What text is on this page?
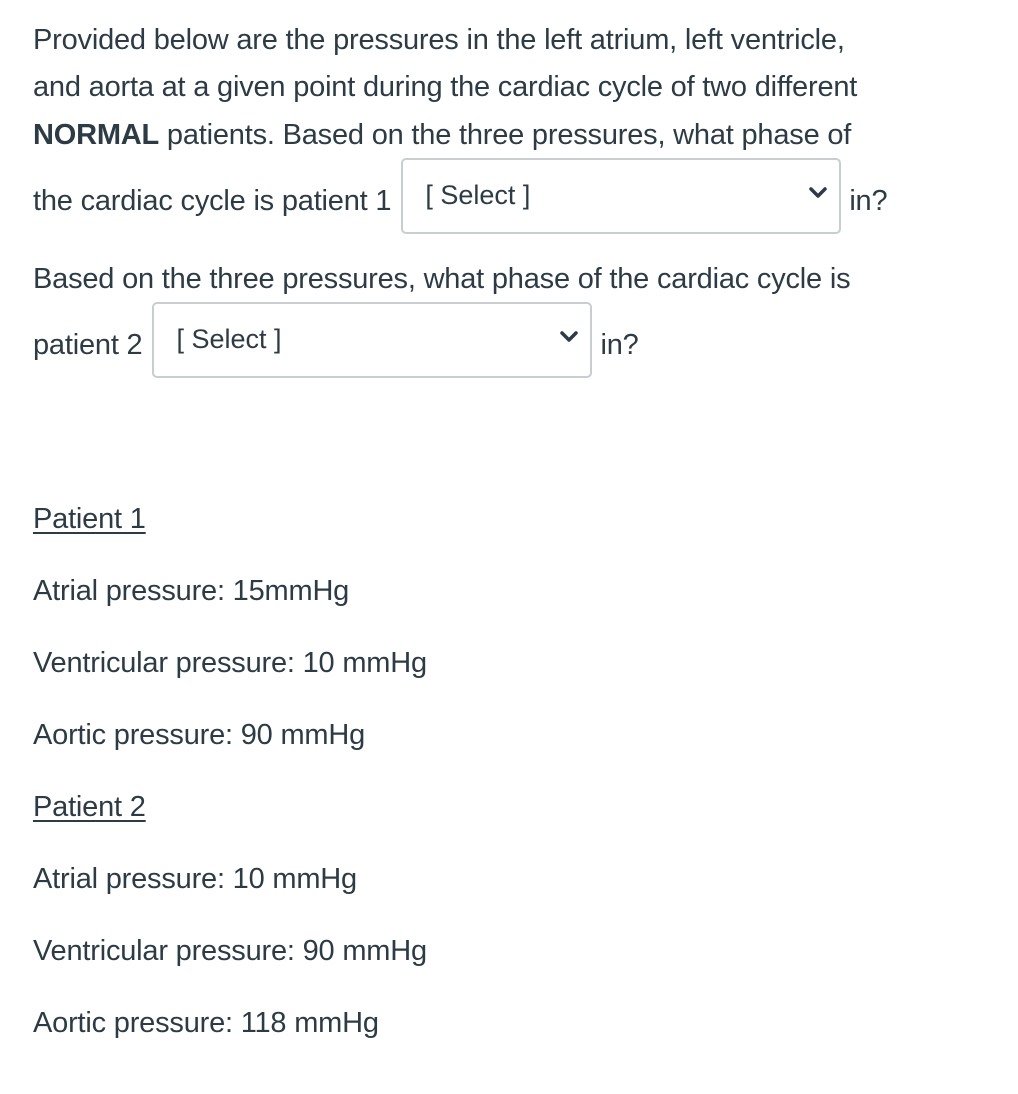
Provided below are the pressures in the left atrium, left ventricle,
and aorta at a given point during the cardiac cycle of two different
NORMAL patients. Based on the three pressures, what phase of
the cardiac cycle is patient 1 [ Select ]	in?
Based on the three pressures, what phase of the cardiac cycle is
patient 2 [ Select ]	in?
Patient 1
Atrial pressure: 15mmHg
Ventricular pressure: 10 mmHg
Aortic pressure: 90 mmHg
Patient 2
Atrial pressure: 10 mmHg
Ventricular pressure: 90 mmHg
Aortic pressure: 118 mmHg
